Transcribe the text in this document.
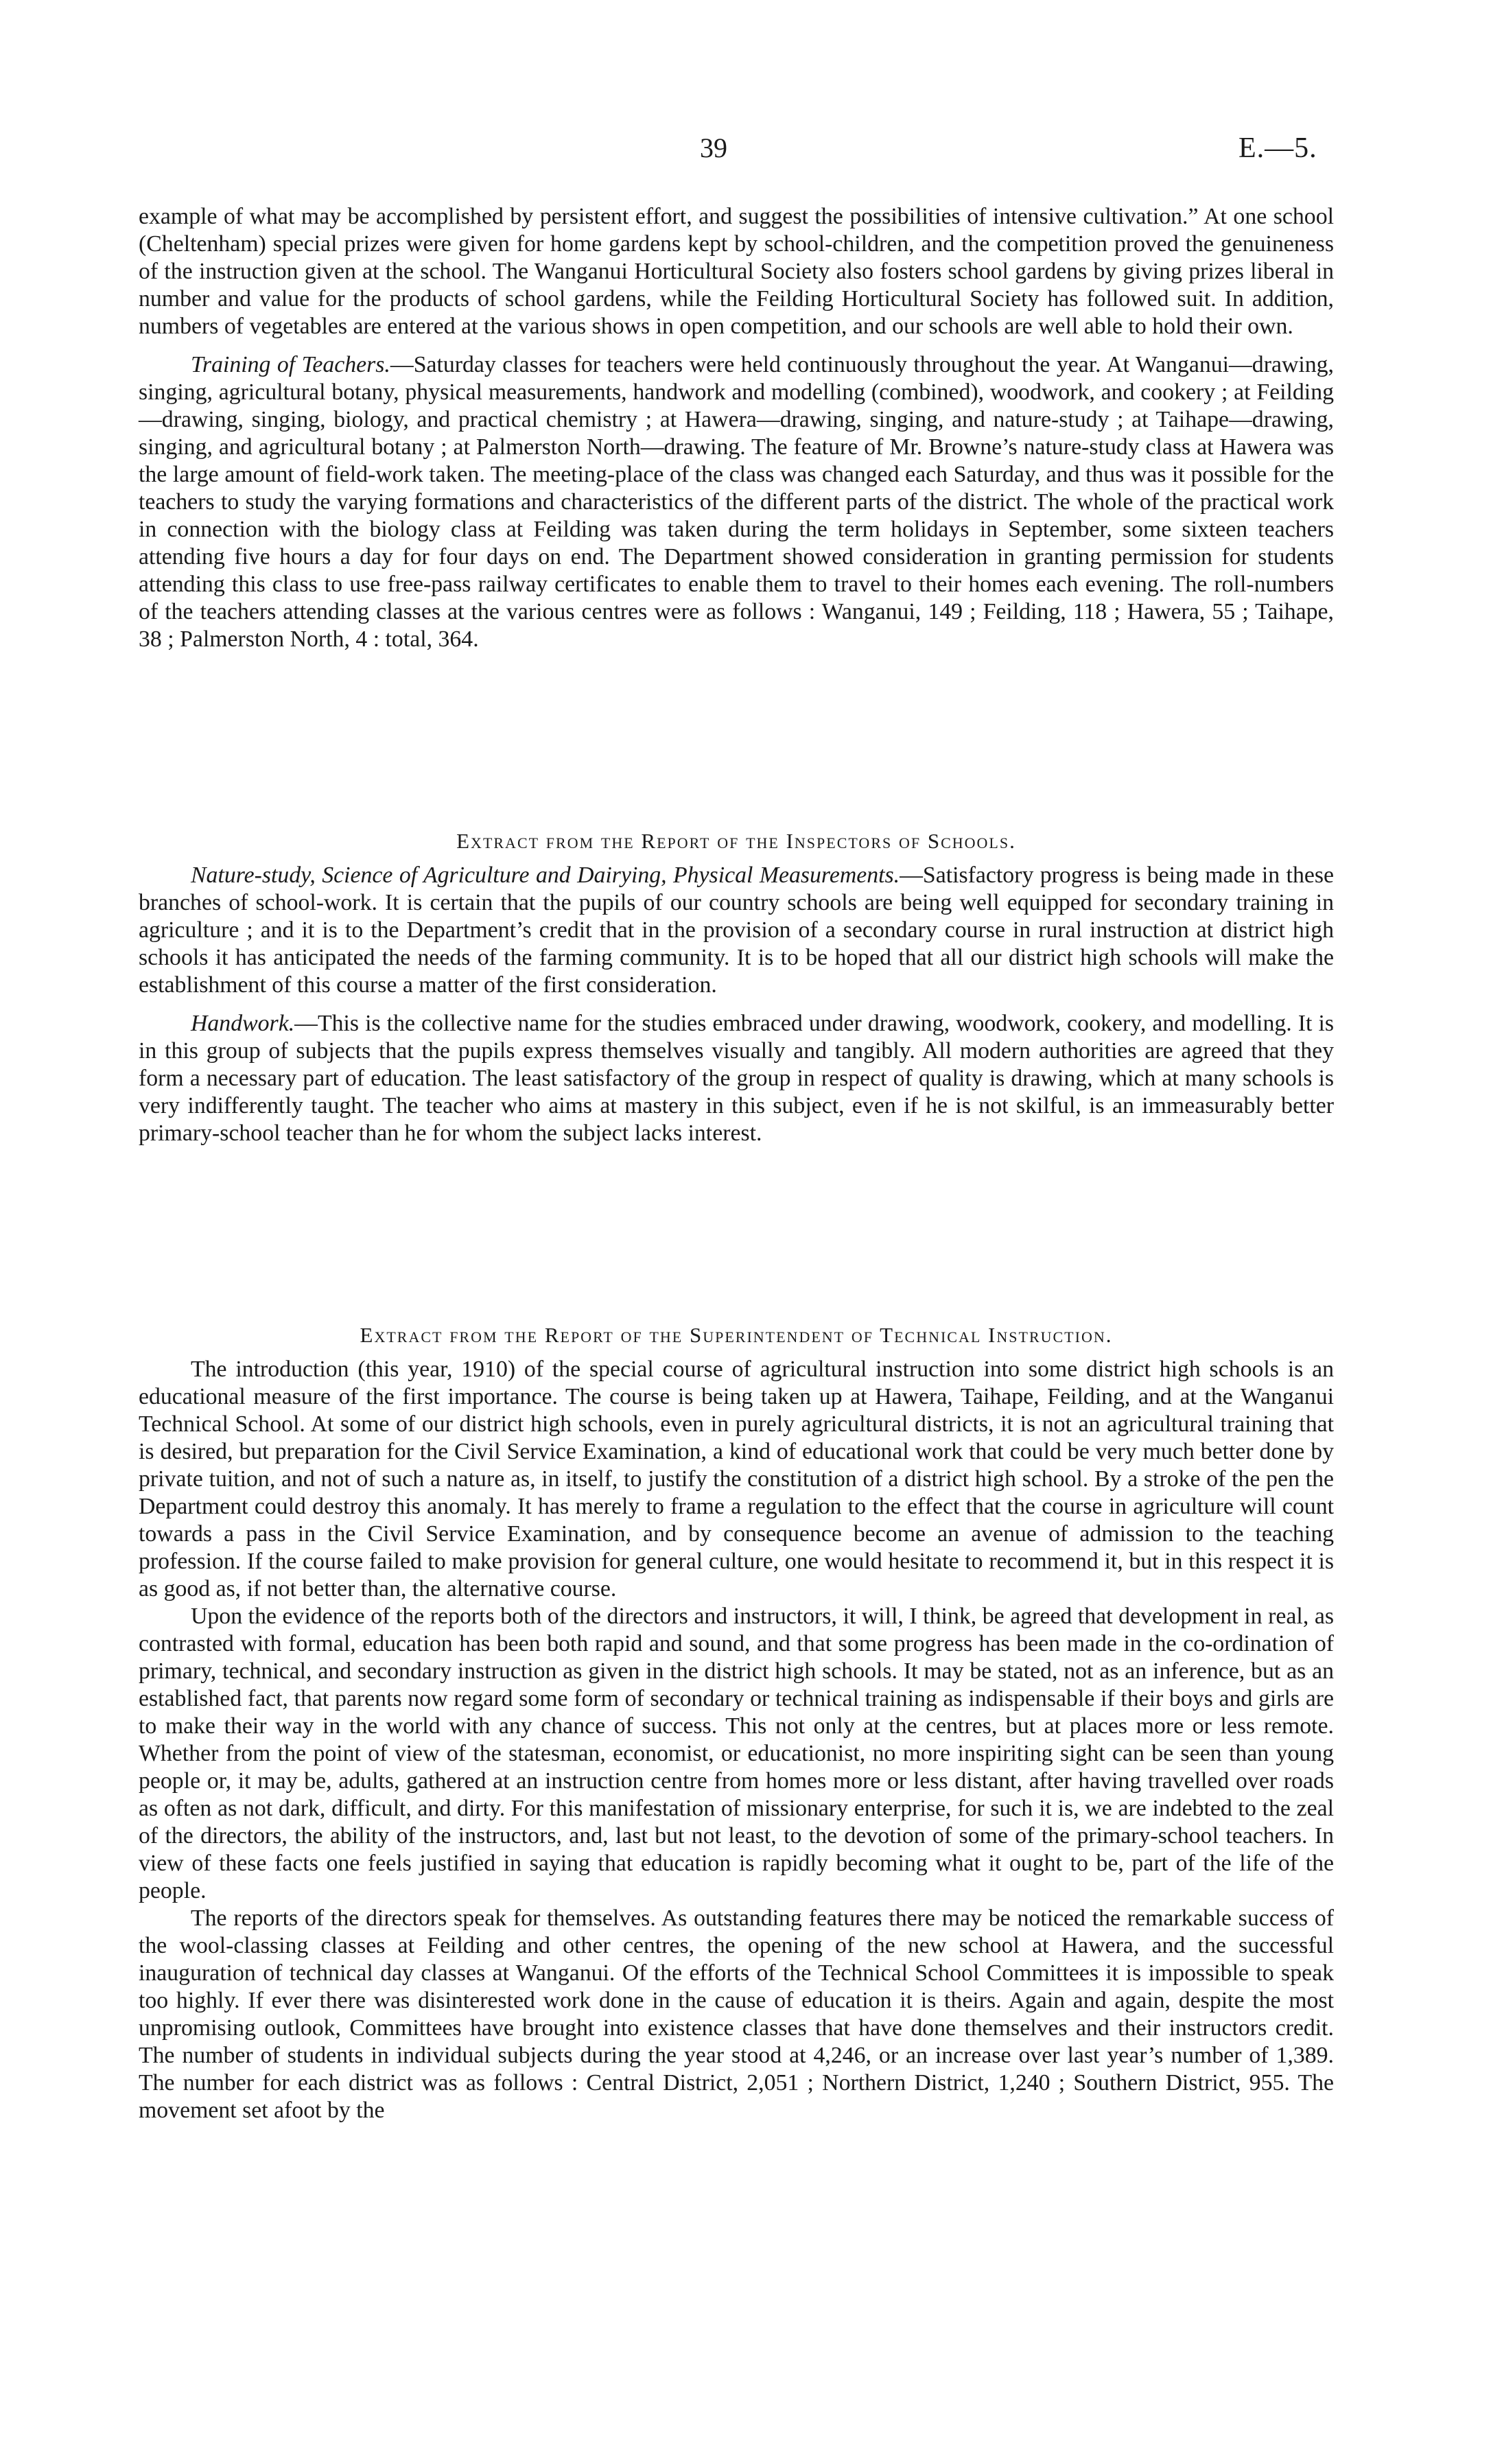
39	E.—5.

example of what may be accomplished by persistent effort, and suggest the possibilities of intensive cultivation.” At one school (Cheltenham) special prizes were given for home gardens kept by school-children, and the competition proved the genuineness of the instruction given at the school. The Wanganui Horticultural Society also fosters school gardens by giving prizes liberal in number and value for the products of school gardens, while the Feilding Horticultural Society has followed suit. In addition, numbers of vegetables are entered at the various shows in open competition, and our schools are well able to hold their own.

Training of Teachers.—Saturday classes for teachers were held continuously throughout the year. At Wanganui—drawing, singing, agricultural botany, physical measurements, handwork and modelling (combined), woodwork, and cookery ; at Feilding—drawing, singing, biology, and practical chemistry ; at Hawera—drawing, singing, and nature-study ; at Taihape—drawing, singing, and agricultural botany ; at Palmerston North—drawing. The feature of Mr. Browne’s nature-study class at Hawera was the large amount of field-work taken. The meeting-place of the class was changed each Saturday, and thus was it possible for the teachers to study the varying formations and characteristics of the different parts of the district. The whole of the practical work in connection with the biology class at Feilding was taken during the term holidays in September, some sixteen teachers attending five hours a day for four days on end. The Department showed consideration in granting permission for students attending this class to use free-pass railway certificates to enable them to travel to their homes each evening. The roll-numbers of the teachers attending classes at the various centres were as follows : Wanganui, 149 ; Feilding, 118 ; Hawera, 55 ; Taihape, 38 ; Palmerston North, 4 : total, 364.

Extract from the Report of the Inspectors of Schools.

Nature-study, Science of Agriculture and Dairying, Physical Measurements.—Satisfactory progress is being made in these branches of school-work. It is certain that the pupils of our country schools are being well equipped for secondary training in agriculture ; and it is to the Department’s credit that in the provision of a secondary course in rural instruction at district high schools it has anticipated the needs of the farming community. It is to be hoped that all our district high schools will make the establishment of this course a matter of the first consideration.

Handwork.—This is the collective name for the studies embraced under drawing, woodwork, cookery, and modelling. It is in this group of subjects that the pupils express themselves visually and tangibly. All modern authorities are agreed that they form a necessary part of education. The least satisfactory of the group in respect of quality is drawing, which at many schools is very indifferently taught. The teacher who aims at mastery in this subject, even if he is not skilful, is an immeasurably better primary-school teacher than he for whom the subject lacks interest.

Extract from the Report of the Superintendent of Technical Instruction.

The introduction (this year, 1910) of the special course of agricultural instruction into some district high schools is an educational measure of the first importance. The course is being taken up at Hawera, Taihape, Feilding, and at the Wanganui Technical School. At some of our district high schools, even in purely agricultural districts, it is not an agricultural training that is desired, but preparation for the Civil Service Examination, a kind of educational work that could be very much better done by private tuition, and not of such a nature as, in itself, to justify the constitution of a district high school. By a stroke of the pen the Department could destroy this anomaly. It has merely to frame a regulation to the effect that the course in agriculture will count towards a pass in the Civil Service Examination, and by consequence become an avenue of admission to the teaching profession. If the course failed to make provision for general culture, one would hesitate to recommend it, but in this respect it is as good as, if not better than, the alternative course.

Upon the evidence of the reports both of the directors and instructors, it will, I think, be agreed that development in real, as contrasted with formal, education has been both rapid and sound, and that some progress has been made in the co-ordination of primary, technical, and secondary instruction as given in the district high schools. It may be stated, not as an inference, but as an established fact, that parents now regard some form of secondary or technical training as indispensable if their boys and girls are to make their way in the world with any chance of success. This not only at the centres, but at places more or less remote. Whether from the point of view of the statesman, economist, or educationist, no more inspiriting sight can be seen than young people or, it may be, adults, gathered at an instruction centre from homes more or less distant, after having travelled over roads as often as not dark, difficult, and dirty. For this manifestation of missionary enterprise, for such it is, we are indebted to the zeal of the directors, the ability of the instructors, and, last but not least, to the devotion of some of the primary-school teachers. In view of these facts one feels justified in saying that education is rapidly becoming what it ought to be, part of the life of the people.

The reports of the directors speak for themselves. As outstanding features there may be noticed the remarkable success of the wool-classing classes at Feilding and other centres, the opening of the new school at Hawera, and the successful inauguration of technical day classes at Wanganui. Of the efforts of the Technical School Committees it is impossible to speak too highly. If ever there was disinterested work done in the cause of education it is theirs. Again and again, despite the most unpromising outlook, Committees have brought into existence classes that have done themselves and their instructors credit. The number of students in individual subjects during the year stood at 4,246, or an increase over last year’s number of 1,389. The number for each district was as follows : Central District, 2,051 ; Northern District, 1,240 ; Southern District, 955. The movement set afoot by the
